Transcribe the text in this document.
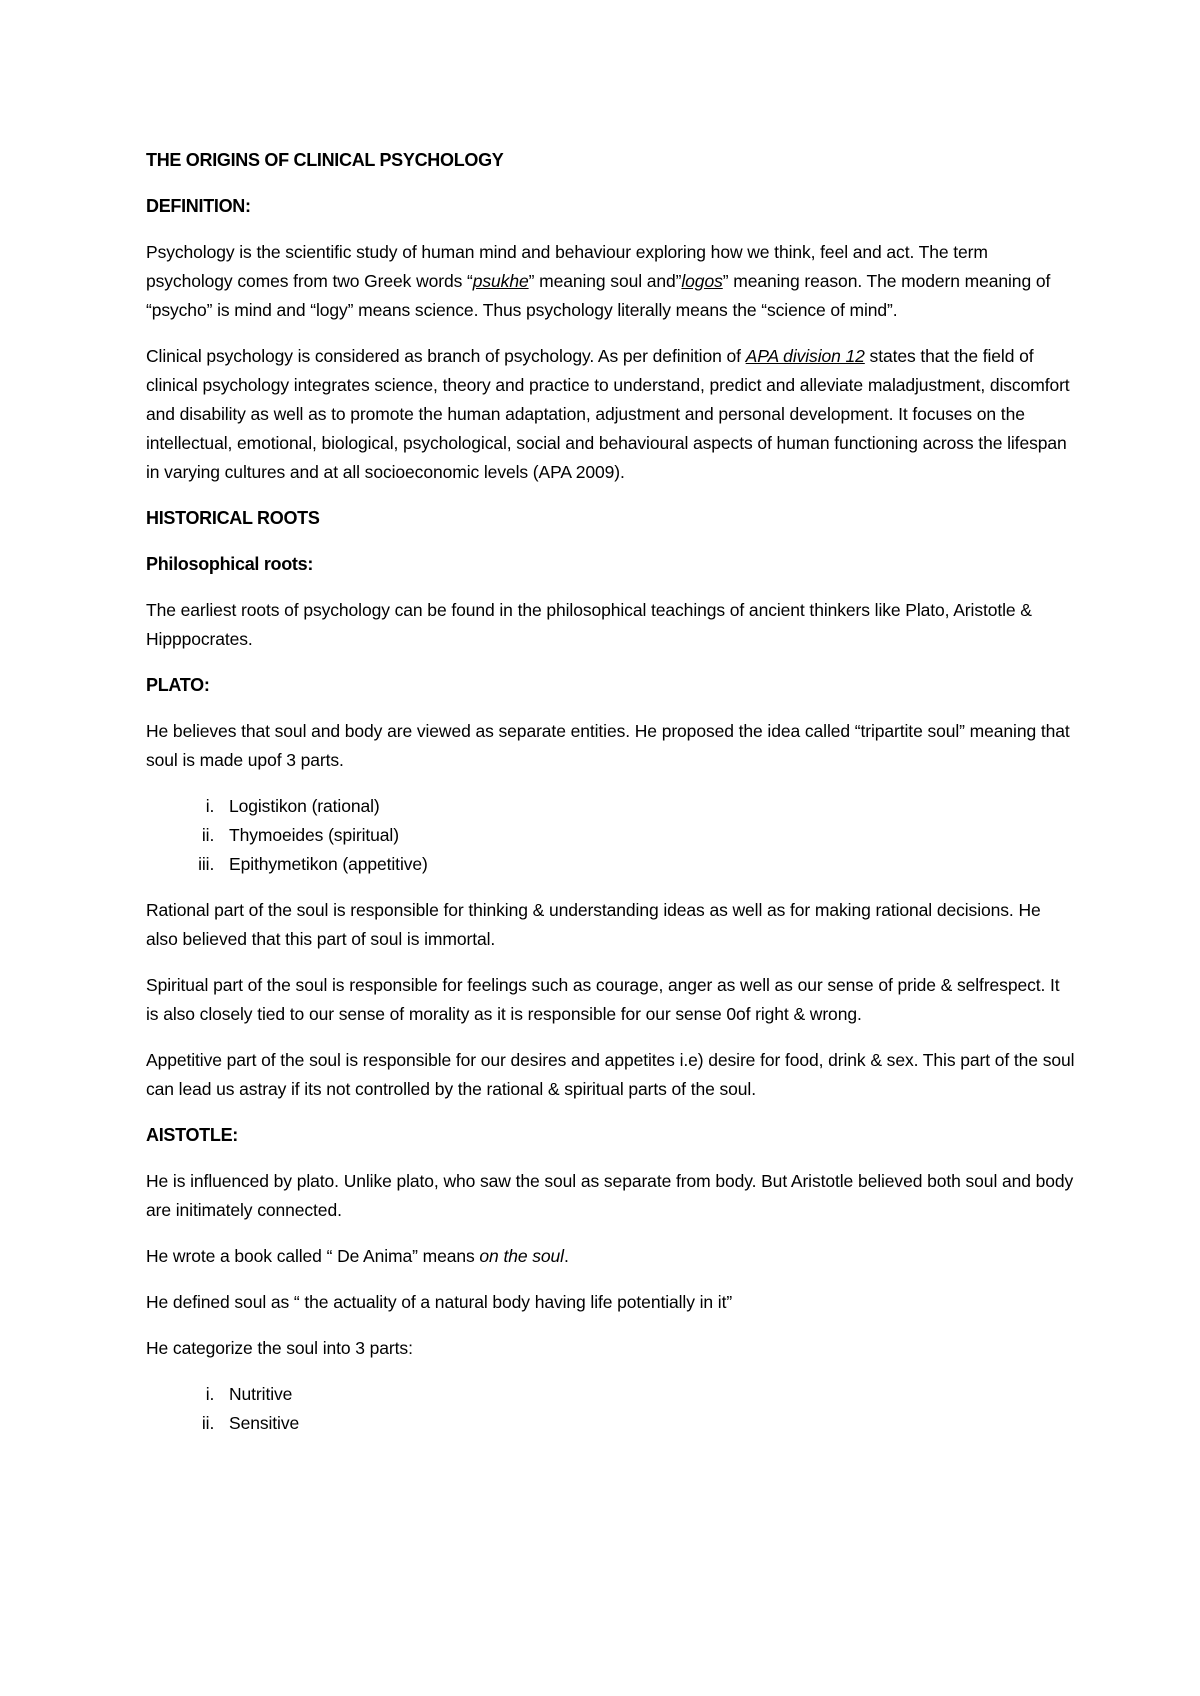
THE ORIGINS OF CLINICAL PSYCHOLOGY
DEFINITION:

Psychology is the scientific study of human mind and behaviour exploring how we think, feel and act. The term psychology comes from two Greek words “psukhe” meaning soul and”logos” meaning reason. The modern meaning of “psycho” is mind and “logy” means science. Thus psychology literally means the “science of mind”.

Clinical psychology is considered as branch of psychology. As per definition of APA division 12 states that the field of clinical psychology integrates science, theory and practice to understand, predict and alleviate maladjustment, discomfort and disability as well as to promote the human adaptation, adjustment and personal development. It focuses on the intellectual, emotional, biological, psychological, social and behavioural aspects of human functioning across the lifespan in varying cultures and at all socioeconomic levels (APA 2009).

HISTORICAL ROOTS
Philosophical roots:

The earliest roots of psychology can be found in the philosophical teachings of ancient thinkers like Plato, Aristotle & Hipppocrates.

PLATO:

He believes that soul and body are viewed as separate entities. He proposed the idea called “tripartite soul” meaning that soul is made upof 3 parts.

i. Logistikon (rational)
ii. Thymoeides (spiritual)
iii. Epithymetikon (appetitive)

Rational part of the soul is responsible for thinking & understanding ideas as well as for making rational decisions. He also believed that this part of soul is immortal.

Spiritual part of the soul is responsible for feelings such as courage, anger as well as our sense of pride & selfrespect. It is also closely tied to our sense of morality as it is responsible for our sense 0of right & wrong.

Appetitive part of the soul is responsible for our desires and appetites i.e) desire for food, drink & sex. This part of the soul can lead us astray if its not controlled by the rational & spiritual parts of the soul.

AISTOTLE:

He is influenced by plato. Unlike plato, who saw the soul as separate from body. But Aristotle believed both soul and body are initimately connected.

He wrote a book called “ De Anima” means on the soul.

He defined soul as “ the actuality of a natural body having life potentially in it”

He categorize the soul into 3 parts:

i. Nutritive
ii. Sensitive
